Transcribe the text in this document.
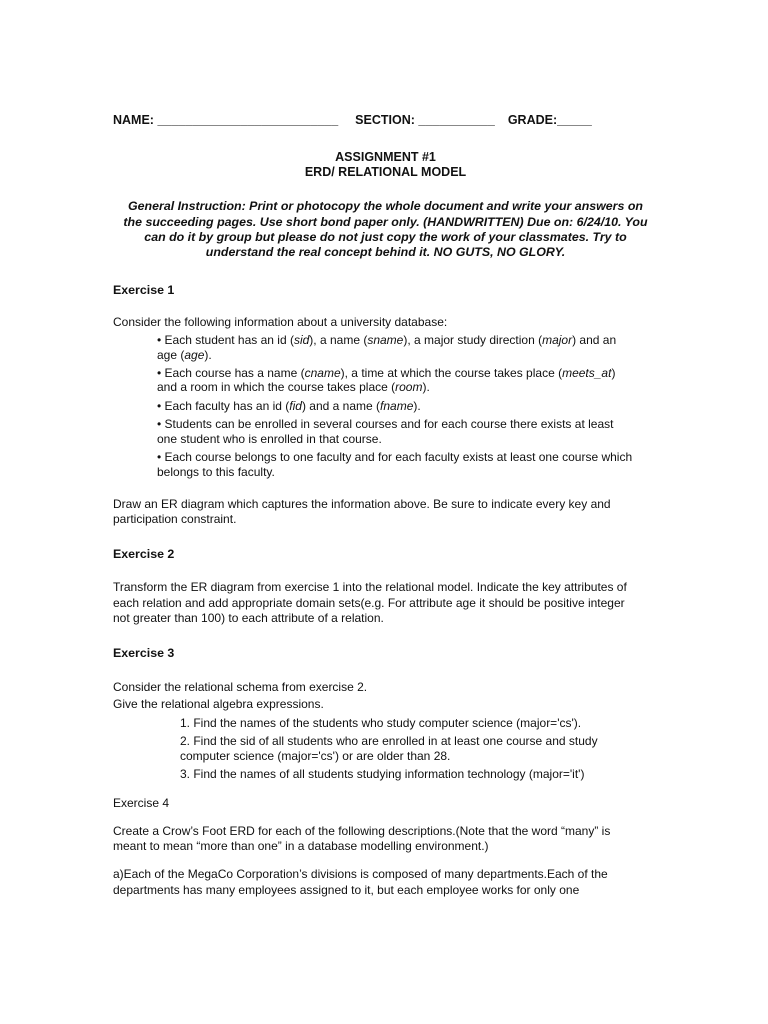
NAME: __________________________ SECTION: ___________ GRADE:_____
ASSIGNMENT #1
ERD/ RELATIONAL MODEL
General Instruction: Print or photocopy the whole document and write your answers on
the succeeding pages. Use short bond paper only. (HANDWRITTEN) Due on: 6/24/10. You
can do it by group but please do not just copy the work of your classmates. Try to
understand the real concept behind it. NO GUTS, NO GLORY.
Exercise 1
Consider the following information about a university database:
• Each student has an id (sid), a name (sname), a major study direction (major) and an
age (age).
• Each course has a name (cname), a time at which the course takes place (meets_at)
and a room in which the course takes place (room).
• Each faculty has an id (fid) and a name (fname).
• Students can be enrolled in several courses and for each course there exists at least
one student who is enrolled in that course.
• Each course belongs to one faculty and for each faculty exists at least one course which
belongs to this faculty.
Draw an ER diagram which captures the information above. Be sure to indicate every key and
participation constraint.
Exercise 2
Transform the ER diagram from exercise 1 into the relational model. Indicate the key attributes of
each relation and add appropriate domain sets(e.g. For attribute age it should be positive integer
not greater than 100) to each attribute of a relation.
Exercise 3
Consider the relational schema from exercise 2.
Give the relational algebra expressions.
1. Find the names of the students who study computer science (major='cs').
2. Find the sid of all students who are enrolled in at least one course and study
computer science (major='cs') or are older than 28.
3. Find the names of all students studying information technology (major='it')
Exercise 4
Create a Crow’s Foot ERD for each of the following descriptions.(Note that the word “many” is
meant to mean “more than one” in a database modelling environment.)
a)Each of the MegaCo Corporation’s divisions is composed of many departments.Each of the
departments has many employees assigned to it, but each employee works for only one
